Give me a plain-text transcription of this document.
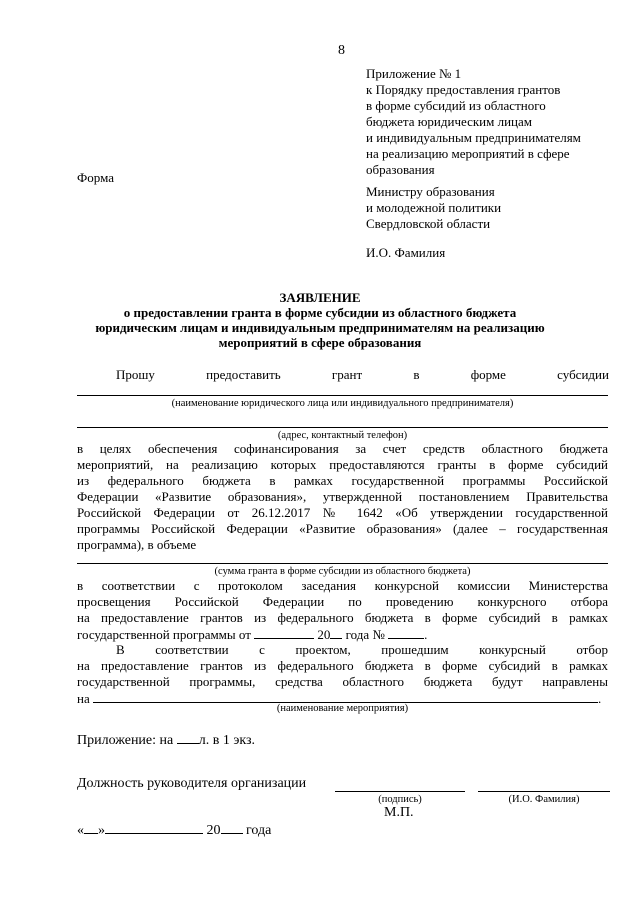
8
Приложение № 1
к Порядку предоставления грантов
в форме субсидий из областного
бюджета юридическим лицам
и индивидуальным предпринимателям
на реализацию мероприятий в сфере
образования
Форма
Министру образования
и молодежной политики
Свердловской области
И.О. Фамилия
ЗАЯВЛЕНИЕ
о предоставлении гранта в форме субсидии из областного бюджета
юридическим лицам и индивидуальным предпринимателям на реализацию
мероприятий в сфере образования
Прошу	предоставить	грант	в	форме	субсидии
(наименование юридического лица или индивидуального предпринимателя)
(адрес, контактный телефон)
в целях обеспечения софинансирования за счет средств областного бюджета
мероприятий, на реализацию которых предоставляются гранты в форме субсидий
из федерального бюджета в рамках государственной программы Российской
Федерации «Развитие образования», утвержденной постановлением Правительства
Российской Федерации от 26.12.2017 № 1642 «Об утверждении государственной
программы Российской Федерации «Развитие образования» (далее – государственная
программа), в объеме
(сумма гранта в форме субсидии из областного бюджета)
в соответствии с протоколом заседания конкурсной комиссии Министерства
просвещения Российской Федерации по проведению конкурсного отбора
на предоставление грантов из федерального бюджета в форме субсидий в рамках
государственной программы от	20 года №	.
В соответствии с проектом, прошедшим конкурсный отбор
на предоставление грантов из федерального бюджета в форме субсидий в рамках
государственной программы, средства областного бюджета будут направлены
на	.
(наименование мероприятия)
Приложение: на л. в 1 экз.
Должность руководителя организации
(подпись)	(И.О. Фамилия)
М.П.
« »	20 года
